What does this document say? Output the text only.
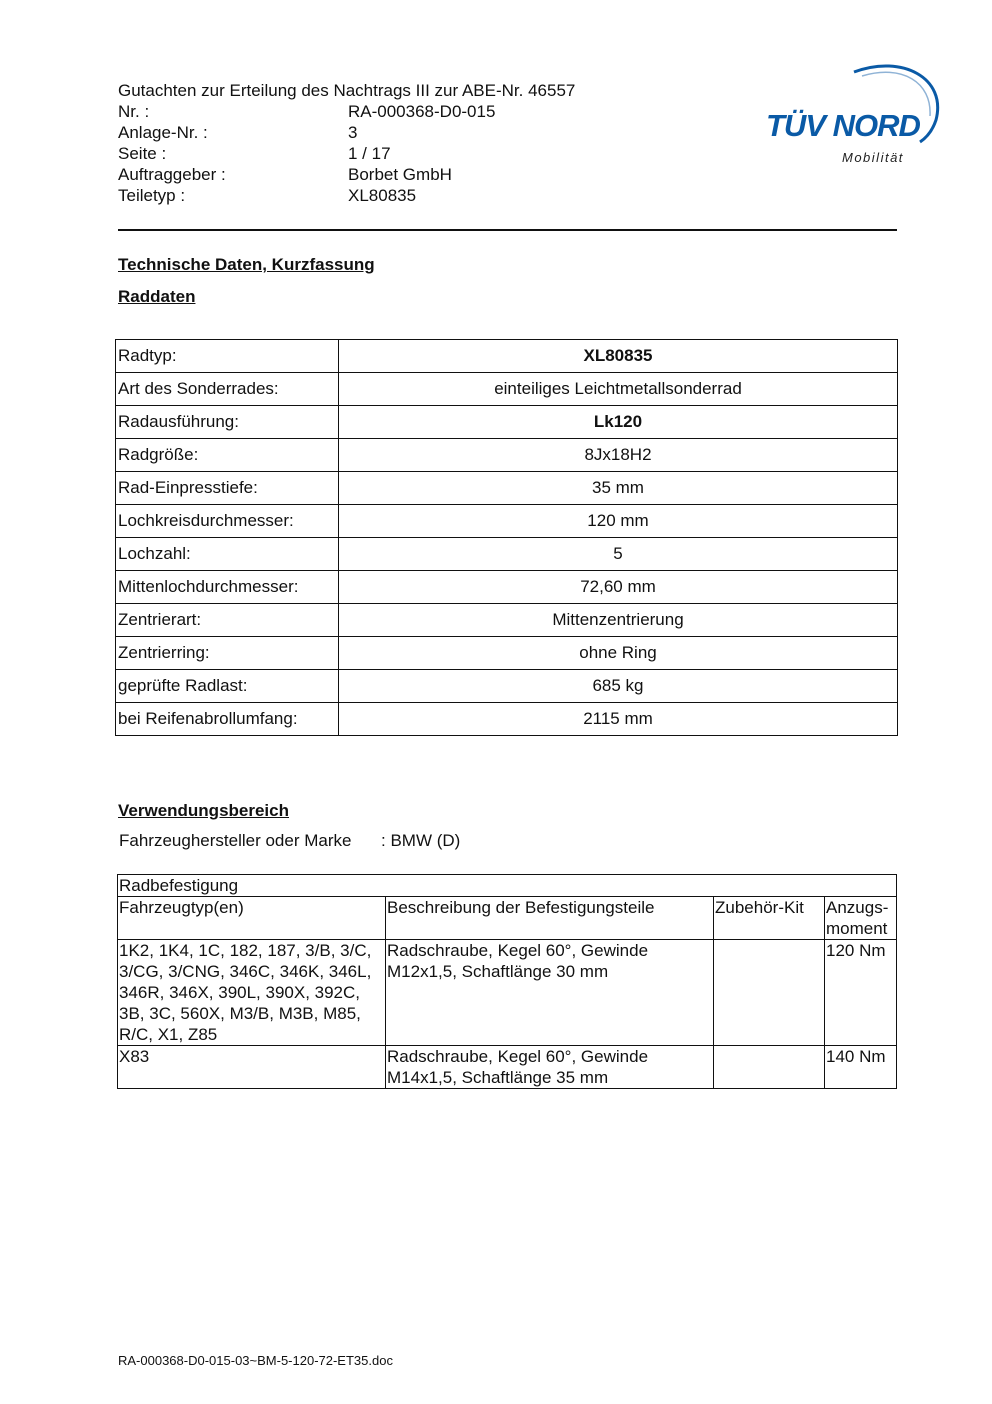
Gutachten zur Erteilung des Nachtrags III zur ABE-Nr. 46557
Nr. :	RA-000368-D0-015
Anlage-Nr. :	3
Seite :	1 / 17
Auftraggeber :	Borbet GmbH
Teiletyp :	XL80835
TÜV NORD
Mobilität
Technische Daten, Kurzfassung
Raddaten
Radtyp:	XL80835
Art des Sonderrades:	einteiliges Leichtmetallsonderrad
Radausführung:	Lk120
Radgröße:	8Jx18H2
Rad-Einpresstiefe:	35 mm
Lochkreisdurchmesser:	120 mm
Lochzahl:	5
Mittenlochdurchmesser:	72,60 mm
Zentrierart:	Mittenzentrierung
Zentrierring:	ohne Ring
geprüfte Radlast:	685 kg
bei Reifenabrollumfang:	2115 mm
Verwendungsbereich
Fahrzeughersteller oder Marke	: BMW (D)
Radbefestigung			
Fahrzeugtyp(en)	Beschreibung der Befestigungsteile	Zubehör-Kit	Anzugs-moment
1K2, 1K4, 1C, 182, 187, 3/B, 3/C, 3/CG, 3/CNG, 346C, 346K, 346L, 346R, 346X, 390L, 390X, 392C, 3B, 3C, 560X, M3/B, M3B, M85, R/C, X1, Z85	Radschraube, Kegel 60°, Gewinde M12x1,5, Schaftlänge 30 mm		120 Nm
X83	Radschraube, Kegel 60°, Gewinde M14x1,5, Schaftlänge 35 mm		140 Nm
RA-000368-D0-015-03~BM-5-120-72-ET35.doc
